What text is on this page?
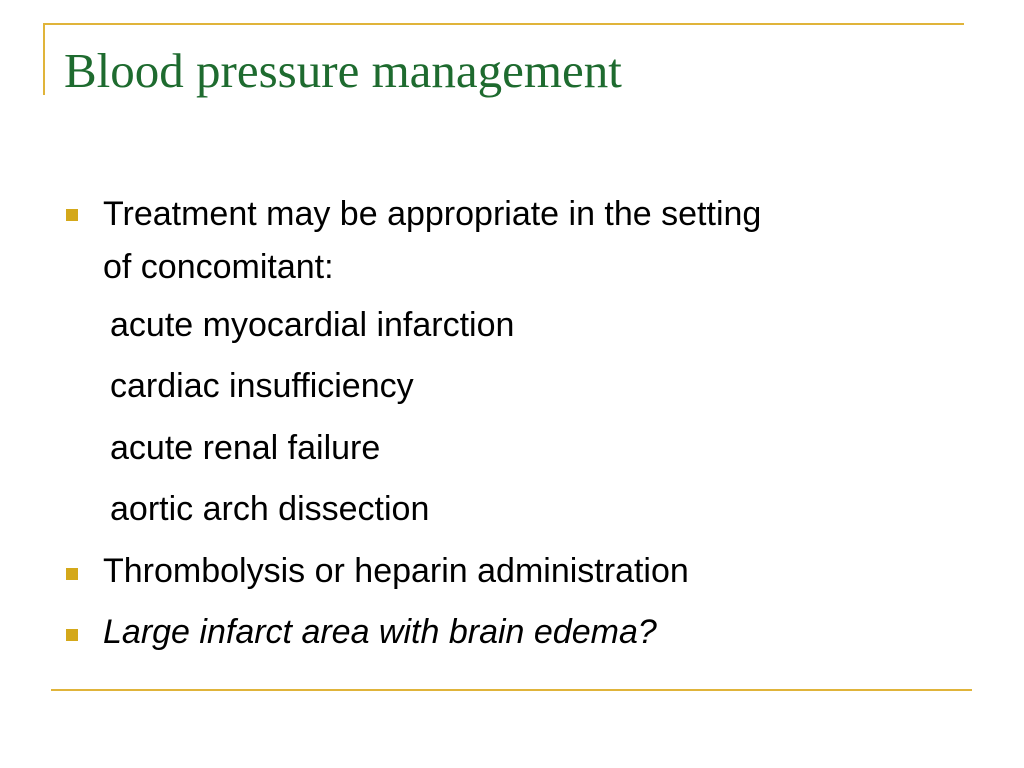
Blood pressure management
Treatment may be appropriate in the setting
of concomitant:
acute myocardial infarction
cardiac insufficiency
acute renal failure
aortic arch dissection
Thrombolysis or heparin administration
Large infarct area with brain edema?
